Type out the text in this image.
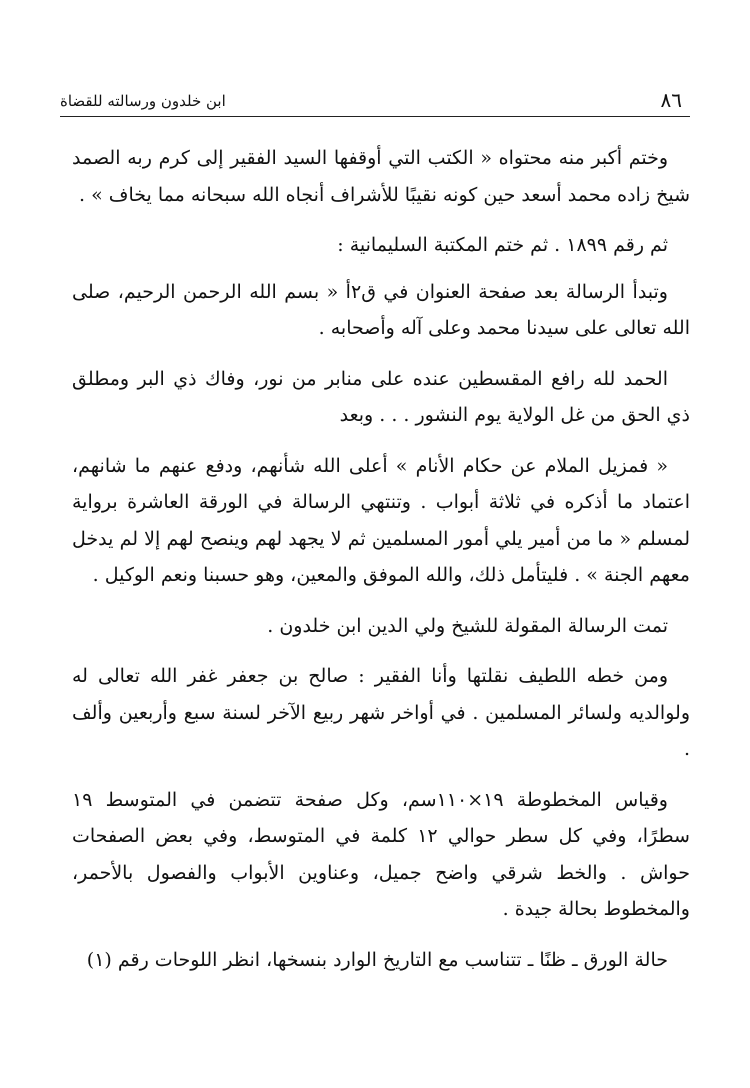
٨٦
ابن خلدون ورسالته للقضاة

وختم أكبر منه محتواه « الكتب التي أوقفها السيد الفقير إلى كرم ربه الصمد شيخ زاده محمد أسعد حين كونه نقيبًا للأشراف أنجاه الله سبحانه مما يخاف » .

ثم رقم ١٨٩٩ . ثم ختم المكتبة السليمانية :

وتبدأ الرسالة بعد صفحة العنوان في ق٢أ « بسم الله الرحمن الرحيم، صلى الله تعالى على سيدنا محمد وعلى آله وأصحابه .

الحمد لله رافع المقسطين عنده على منابر من نور، وفاك ذي البر ومطلق ذي الحق من غل الولاية يوم النشور . . . وبعد

« فمزيل الملام عن حكام الأنام » أعلى الله شأنهم، ودفع عنهم ما شانهم، اعتماد ما أذكره في ثلاثة أبواب . وتنتهي الرسالة في الورقة العاشرة برواية لمسلم « ما من أمير يلي أمور المسلمين ثم لا يجهد لهم وينصح لهم إلا لم يدخل معهم الجنة » . فليتأمل ذلك، والله الموفق والمعين، وهو حسبنا ونعم الوكيل .

تمت الرسالة المقولة للشيخ ولي الدين ابن خلدون .

ومن خطه اللطيف نقلتها وأنا الفقير : صالح بن جعفر غفر الله تعالى له ولوالديه ولسائر المسلمين . في أواخر شهر ربيع الآخر لسنة سبع وأربعين وألف .

وقياس المخطوطة ١٩×١١٠سم، وكل صفحة تتضمن في المتوسط ١٩ سطرًا، وفي كل سطر حوالي ١٢ كلمة في المتوسط، وفي بعض الصفحات حواش . والخط شرقي واضح جميل، وعناوين الأبواب والفصول بالأحمر، والمخطوط بحالة جيدة .

حالة الورق ـ ظنًا ـ تتناسب مع التاريخ الوارد بنسخها، انظر اللوحات رقم (١)
